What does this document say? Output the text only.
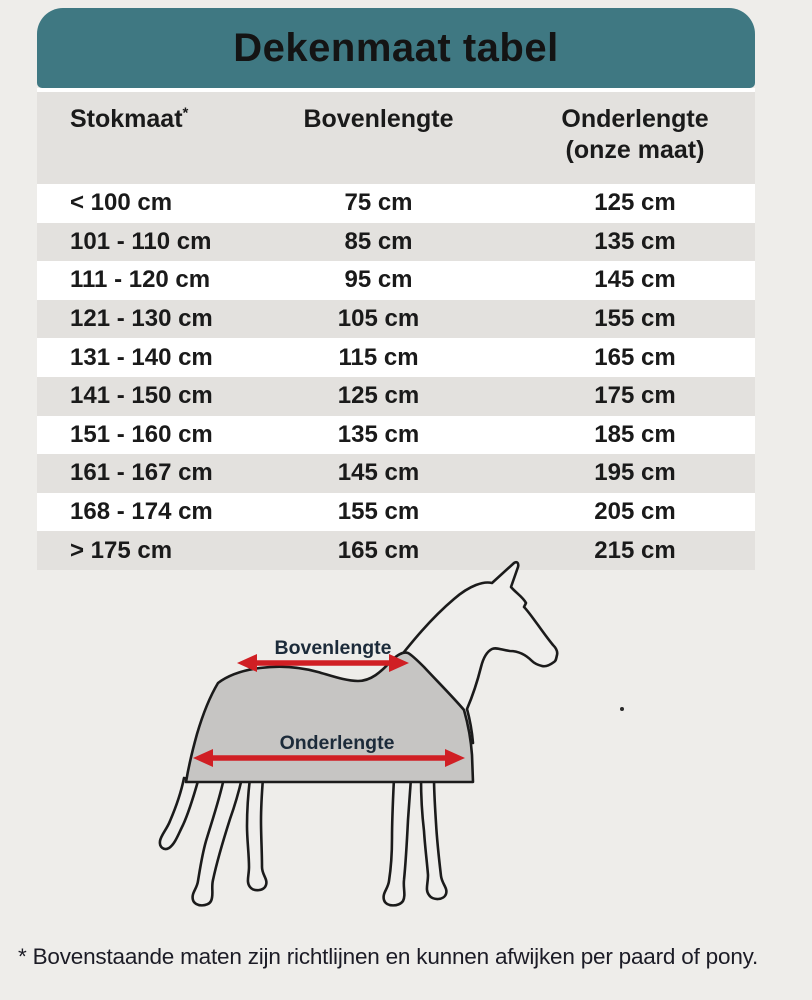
Dekenmaat tabel
Stokmaat*	Bovenlengte	Onderlengte
(onze maat)

< 100 cm	75 cm	125 cm
101 - 110 cm	85 cm	135 cm
111 - 120 cm	95 cm	145 cm
121 - 130 cm	105 cm	155 cm
131 - 140 cm	115 cm	165 cm
141 - 150 cm	125 cm	175 cm
151 - 160 cm	135 cm	185 cm
161 - 167 cm	145 cm	195 cm
168 - 174 cm	155 cm	205 cm
> 175 cm	165 cm	215 cm
Bovenlengte
Onderlengte

* Bovenstaande maten zijn richtlijnen en kunnen afwijken per paard of pony.
